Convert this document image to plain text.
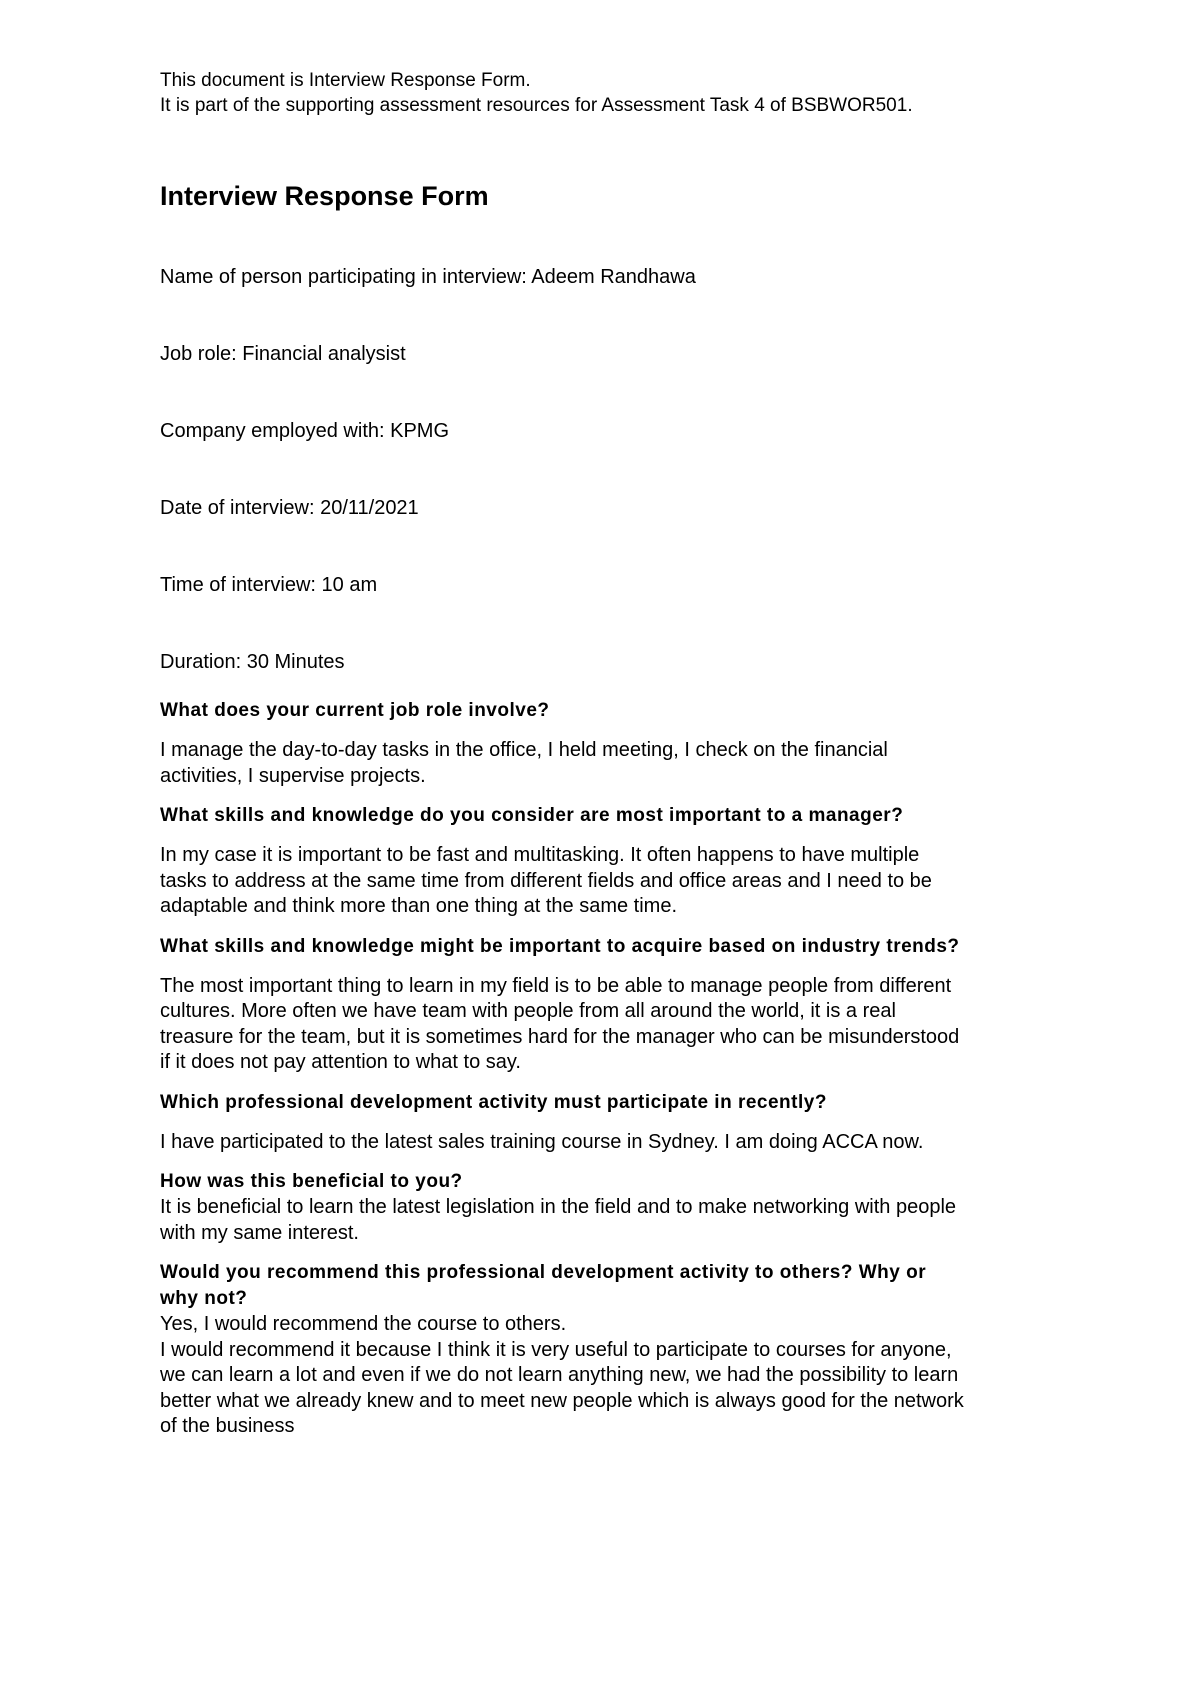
This document is Interview Response Form.

It is part of the supporting assessment resources for Assessment Task 4 of BSBWOR501.

Interview Response Form

Name of person participating in interview: Adeem Randhawa

Job role: Financial analysist

Company employed with: KPMG

Date of interview: 20/11/2021

Time of interview: 10 am

Duration: 30 Minutes

What does your current job role involve?

I manage the day-to-day tasks in the office, I held meeting, I check on the financial

activities, I supervise projects.

What skills and knowledge do you consider are most important to a manager?

In my case it is important to be fast and multitasking. It often happens to have multiple

tasks to address at the same time from different fields and office areas and I need to be

adaptable and think more than one thing at the same time.

What skills and knowledge might be important to acquire based on industry trends?

The most important thing to learn in my field is to be able to manage people from different

cultures. More often we have team with people from all around the world, it is a real

treasure for the team, but it is sometimes hard for the manager who can be misunderstood

if it does not pay attention to what to say.

Which professional development activity must participate in recently?

I have participated to the latest sales training course in Sydney. I am doing ACCA now.

How was this beneficial to you?

It is beneficial to learn the latest legislation in the field and to make networking with people

with my same interest.

Would you recommend this professional development activity to others? Why or

why not?

Yes, I would recommend the course to others.

I would recommend it because I think it is very useful to participate to courses for anyone,

we can learn a lot and even if we do not learn anything new, we had the possibility to learn

better what we already knew and to meet new people which is always good for the network

of the business
